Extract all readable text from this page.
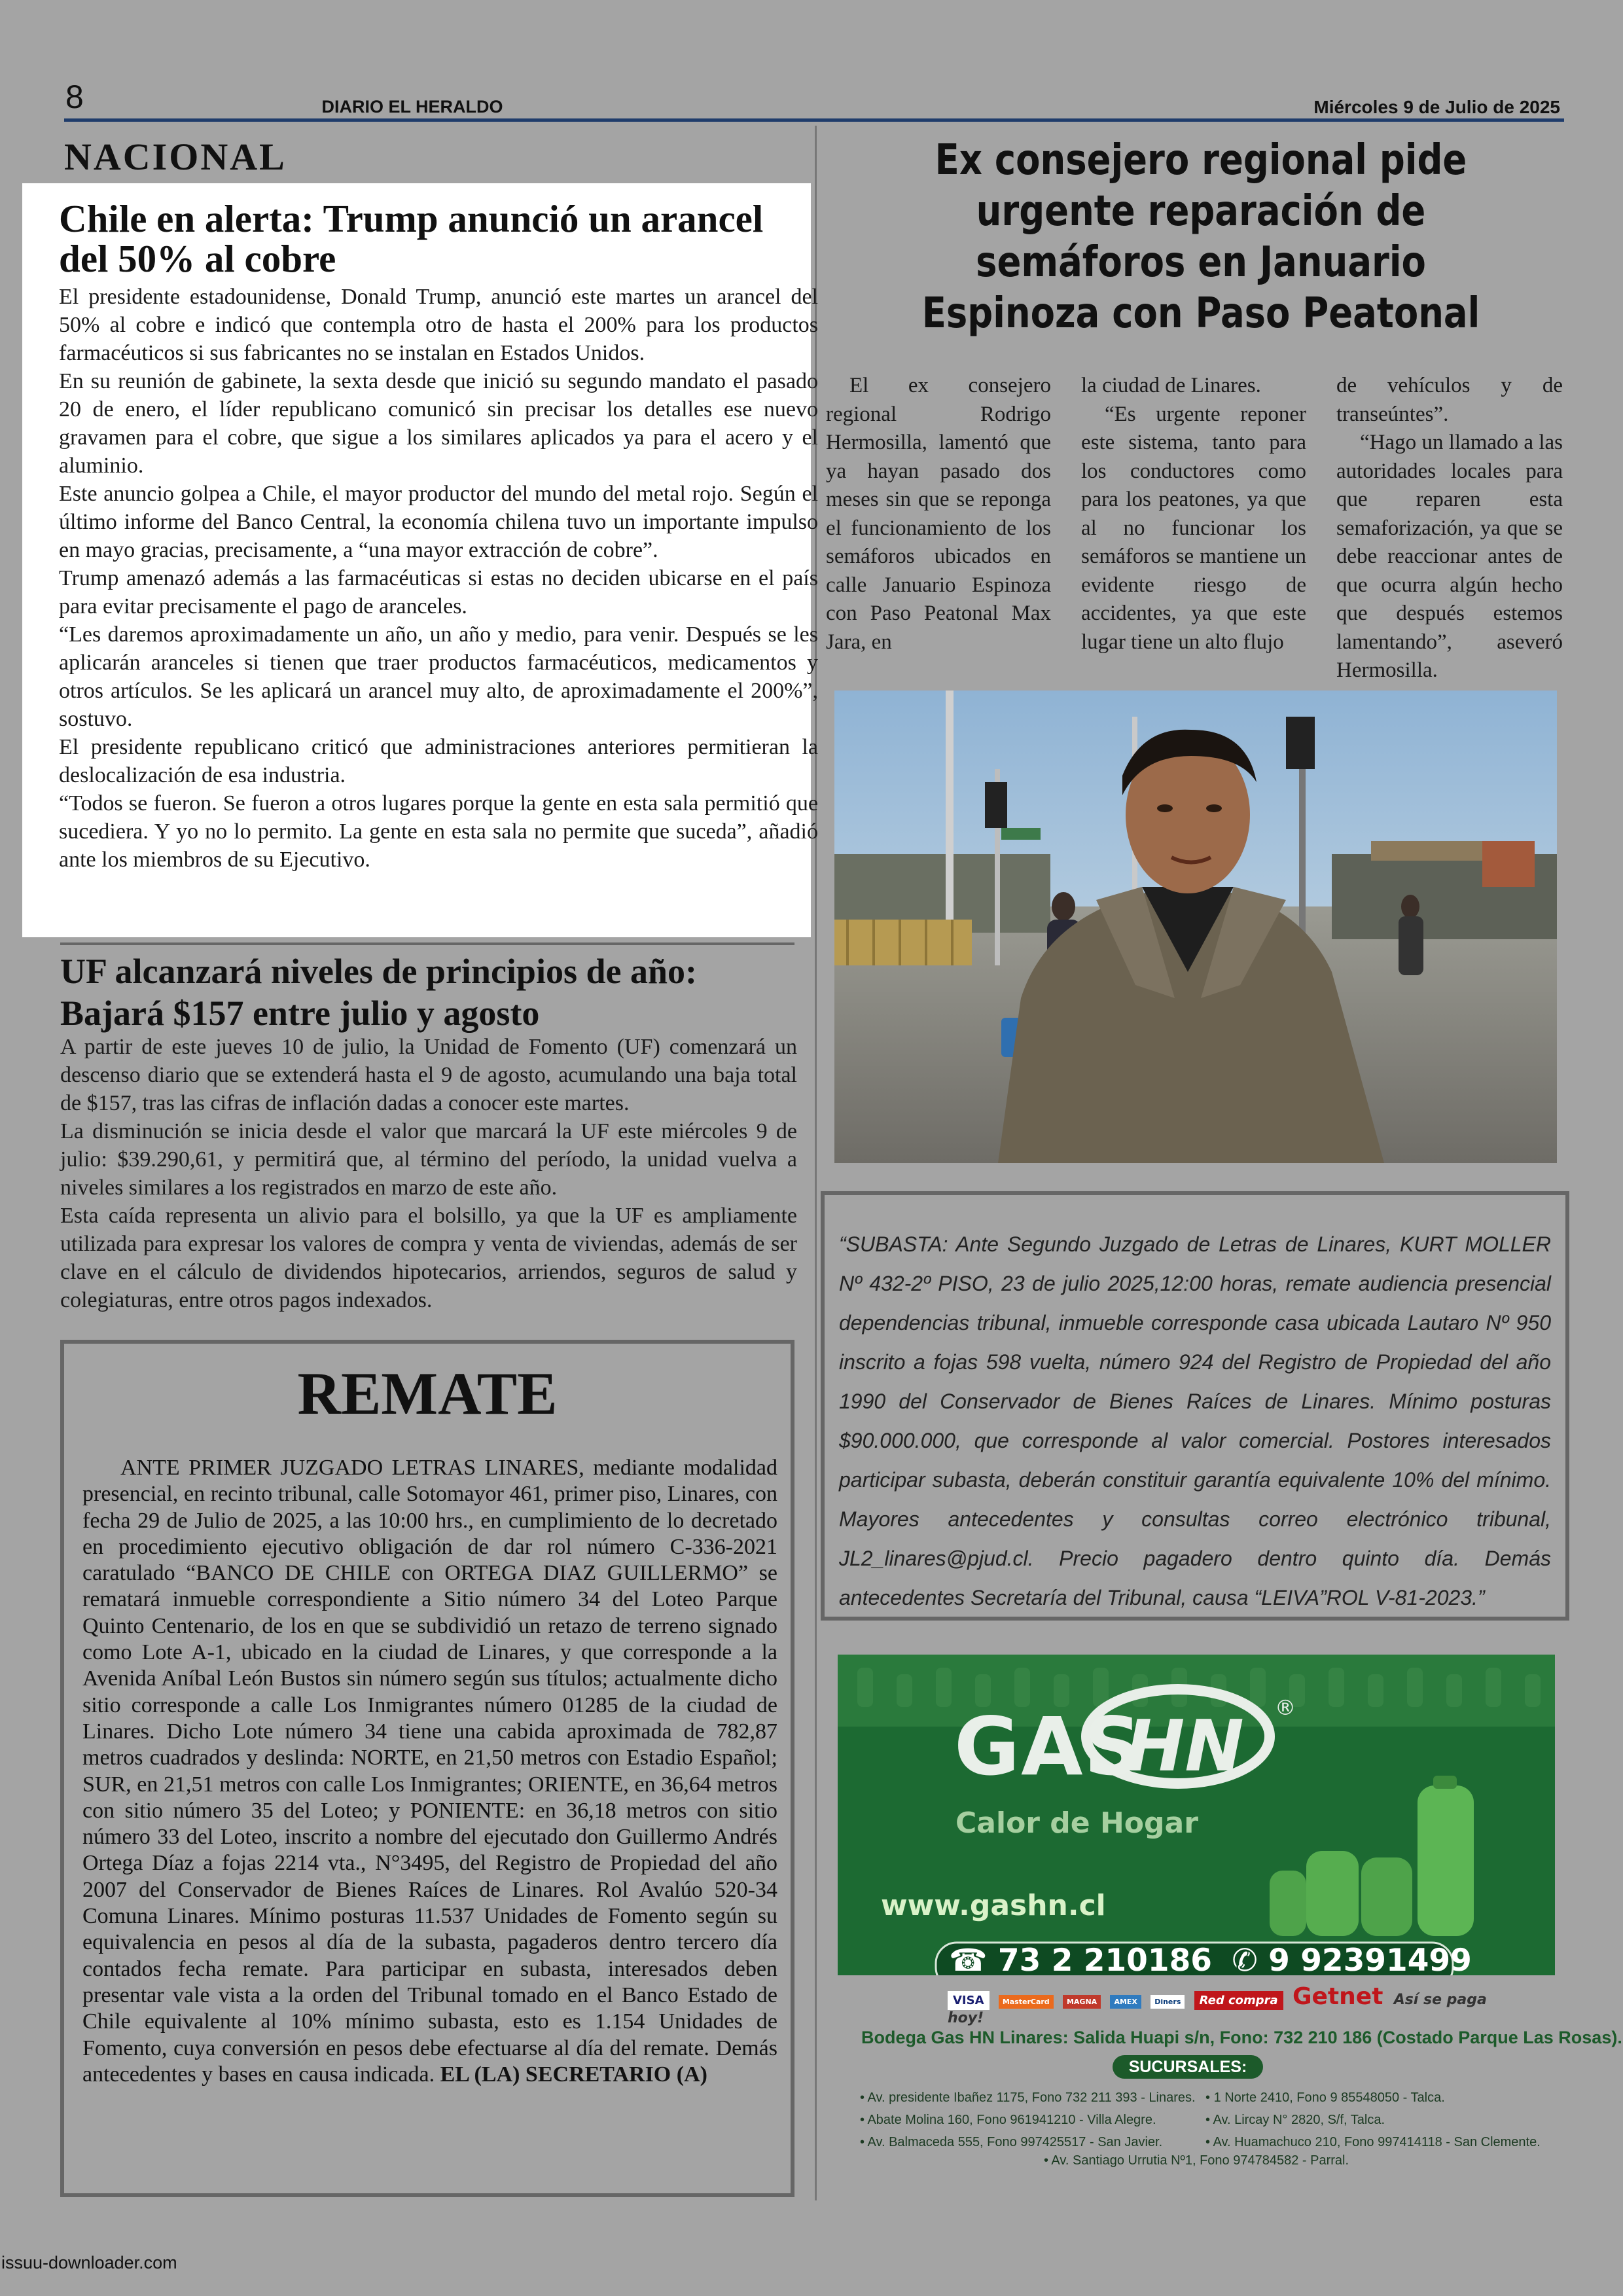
8	DIARIO EL HERALDO	Miércoles 9 de Julio de 2025
NACIONAL
Chile en alerta: Trump anunció un arancel del 50% al cobre

El presidente estadounidense, Donald Trump, anunció este martes un arancel del 50% al cobre e indicó que contempla otro de hasta el 200% para los productos farmacéuticos si sus fabricantes no se instalan en Estados Unidos.

En su reunión de gabinete, la sexta desde que inició su segundo mandato el pasado 20 de enero, el líder republicano comunicó sin precisar los detalles ese nuevo gravamen para el cobre, que sigue a los similares aplicados ya para el acero y el aluminio.

Este anuncio golpea a Chile, el mayor productor del mundo del metal rojo. Según el último informe del Banco Central, la economía chilena tuvo un importante impulso en mayo gracias, precisamente, a “una mayor extracción de cobre”.

Trump amenazó además a las farmacéuticas si estas no deciden ubicarse en el país para evitar precisamente el pago de aranceles.

“Les daremos aproximadamente un año, un año y medio, para venir. Después se les aplicarán aranceles si tienen que traer productos farmacéuticos, medicamentos y otros artículos. Se les aplicará un arancel muy alto, de aproximadamente el 200%”, sostuvo.

El presidente republicano criticó que administraciones anteriores permitieran la deslocalización de esa industria.

“Todos se fueron. Se fueron a otros lugares porque la gente en esta sala permitió que sucediera. Y yo no lo permito. La gente en esta sala no permite que suceda”, añadió ante los miembros de su Ejecutivo.

UF alcanzará niveles de principios de año: Bajará $157 entre julio y agosto

A partir de este jueves 10 de julio, la Unidad de Fomento (UF) comenzará un descenso diario que se extenderá hasta el 9 de agosto, acumulando una baja total de $157, tras las cifras de inflación dadas a conocer este martes.

La disminución se inicia desde el valor que marcará la UF este miércoles 9 de julio: $39.290,61, y permitirá que, al término del período, la unidad vuelva a niveles similares a los registrados en marzo de este año.

Esta caída representa un alivio para el bolsillo, ya que la UF es ampliamente utilizada para expresar los valores de compra y venta de viviendas, además de ser clave en el cálculo de dividendos hipotecarios, arriendos, seguros de salud y colegiaturas, entre otros pagos indexados.

REMATE
ANTE PRIMER JUZGADO LETRAS LINARES, mediante modalidad presencial, en recinto tribunal, calle Sotomayor 461, primer piso, Linares, con fecha 29 de Julio de 2025, a las 10:00 hrs., en cumplimiento de lo decretado en procedimiento ejecutivo obligación de dar rol número C-336-2021 caratulado “BANCO DE CHILE con ORTEGA DIAZ GUILLERMO” se rematará inmueble correspondiente a Sitio número 34 del Loteo Parque Quinto Centenario, de los en que se subdividió un retazo de terreno signado como Lote A-1, ubicado en la ciudad de Linares, y que corresponde a la Avenida Aníbal León Bustos sin número según sus títulos; actualmente dicho sitio corresponde a calle Los Inmigrantes número 01285 de la ciudad de Linares. Dicho Lote número 34 tiene una cabida aproximada de 782,87 metros cuadrados y deslinda: NORTE, en 21,50 metros con Estadio Español; SUR, en 21,51 metros con calle Los Inmigrantes; ORIENTE, en 36,64 metros con sitio número 35 del Loteo; y PONIENTE: en 36,18 metros con sitio número 33 del Loteo, inscrito a nombre del ejecutado don Guillermo Andrés Ortega Díaz a fojas 2214 vta., N°3495, del Registro de Propiedad del año 2007 del Conservador de Bienes Raíces de Linares. Rol Avalúo 520-34 Comuna Linares. Mínimo posturas 11.537 Unidades de Fomento según su equivalencia en pesos al día de la subasta, pagaderos dentro tercero día contados fecha remate. Para participar en subasta, interesados deben presentar vale vista a la orden del Tribunal tomado en el Banco Estado de Chile equivalente al 10% mínimo subasta, esto es 1.154 Unidades de Fomento, cuya conversión en pesos debe efectuarse al día del remate. Demás antecedentes y bases en causa indicada. EL (LA) SECRETARIO (A)
Ex consejero regional pide urgente reparación de semáforos en Januario Espinoza con Paso Peatonal

El ex consejero regional Rodrigo Hermosilla, lamentó que ya hayan pasado dos meses sin que se reponga el funcionamiento de los semáforos ubicados en calle Januario Espinoza con Paso Peatonal Max Jara, en

la ciudad de Linares.

“Es urgente reponer este sistema, tanto para los conductores como para los peatones, ya que al no funcionar los semáforos se mantiene un evidente riesgo de accidentes, ya que este lugar tiene un alto flujo

de vehículos y de transeúntes”.

“Hago un llamado a las autoridades locales para que reparen esta semaforización, ya que se debe reaccionar antes de que ocurra algún hecho que después estemos lamentando”, aseveró Hermosilla.

“SUBASTA: Ante Segundo Juzgado de Letras de Linares, KURT MOLLER Nº 432-2º PISO, 23 de julio 2025,12:00 horas, remate audiencia presencial dependencias tribunal, inmueble corresponde casa ubicada Lautaro Nº 950 inscrito a fojas 598 vuelta, número 924 del Registro de Propiedad del año 1990 del Conservador de Bienes Raíces de Linares. Mínimo posturas $90.000.000, que corresponde al valor comercial. Postores interesados participar subasta, deberán constituir garantía equivalente 10% del mínimo. Mayores antecedentes y consultas correo electrónico tribunal, JL2_linares@pjud.cl. Precio pagadero dentro quinto día. Demás antecedentes Secretaría del Tribunal, causa “LEIVA”ROL V-81-2023.”
GAS
HN ®
Calor de Hogar
www.gashn.cl
☎ 73 2 210186 ✆ 9 92391499
VISA	MasterCard MAGNA AMEX Diners Red compra Getnet Así se paga hoy!
Bodega Gas HN Linares: Salida Huapi s/n, Fono: 732 210 186 (Costado Parque Las Rosas).
SUCURSALES:
• Av. presidente Ibañez 1175, Fono 732 211 393 - Linares.
• Abate Molina 160, Fono 961941210 - Villa Alegre.
• Av. Balmaceda 555, Fono 997425517 - San Javier.
• 1 Norte 2410, Fono 9 85548050 - Talca.
• Av. Lircay N° 2820, S/f, Talca.
• Av. Huamachuco 210, Fono 997414118 - San Clemente.
• Av. Santiago Urrutia Nº1, Fono 974784582 - Parral.
issuu-downloader.com
